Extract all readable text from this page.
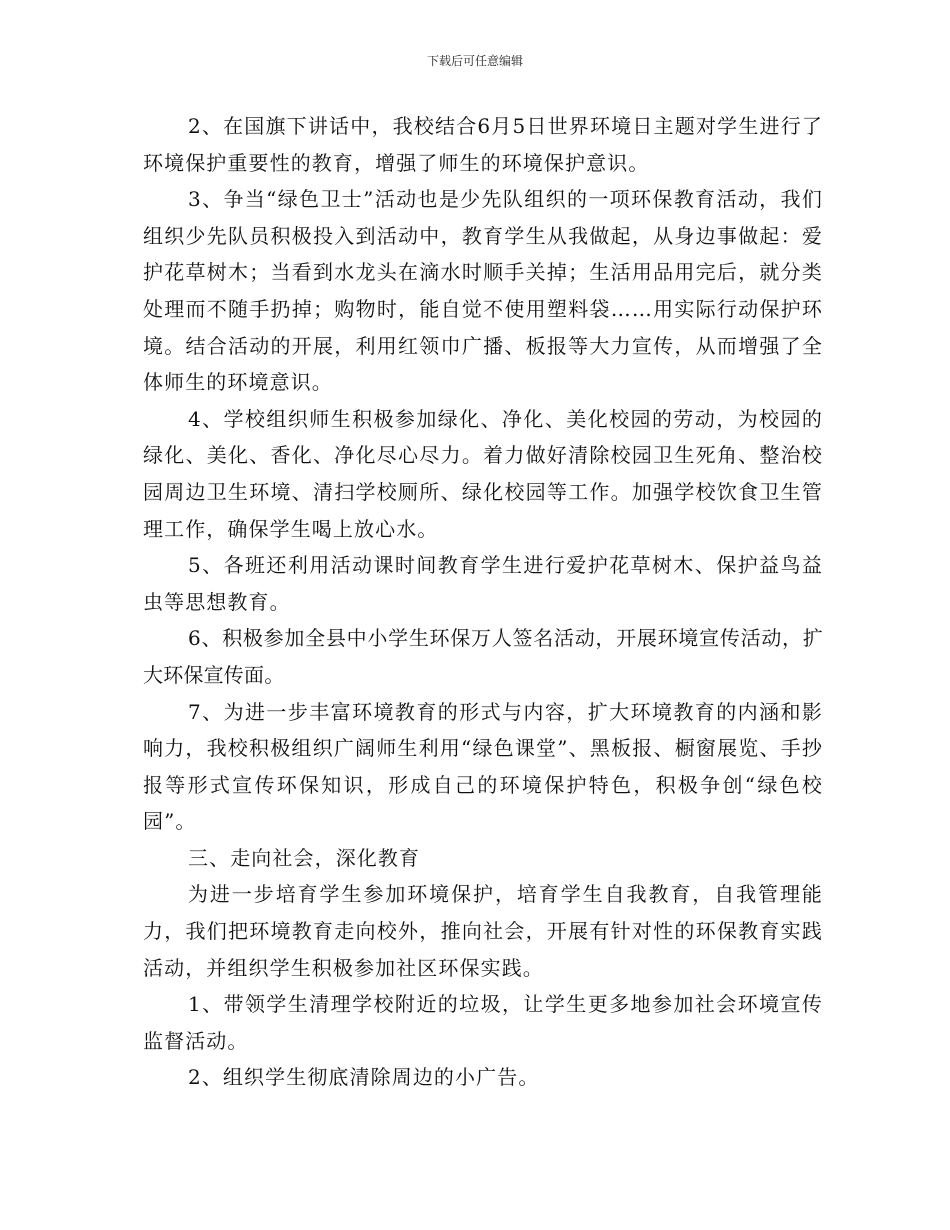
下载后可任意编辑

2、在国旗下讲话中，我校结合6月5日世界环境日主题对学生进行了环境保护重要性的教育，增强了师生的环境保护意识。

3、争当“绿色卫士”活动也是少先队组织的一项环保教育活动，我们组织少先队员积极投入到活动中，教育学生从我做起，从身边事做起：爱护花草树木；当看到水龙头在滴水时顺手关掉；生活用品用完后，就分类处理而不随手扔掉；购物时，能自觉不使用塑料袋……用实际行动保护环境。结合活动的开展，利用红领巾广播、板报等大力宣传，从而增强了全体师生的环境意识。

4、学校组织师生积极参加绿化、净化、美化校园的劳动，为校园的绿化、美化、香化、净化尽心尽力。着力做好清除校园卫生死角、整治校园周边卫生环境、清扫学校厕所、绿化校园等工作。加强学校饮食卫生管理工作，确保学生喝上放心水。

5、各班还利用活动课时间教育学生进行爱护花草树木、保护益鸟益虫等思想教育。

6、积极参加全县中小学生环保万人签名活动，开展环境宣传活动，扩大环保宣传面。

7、为进一步丰富环境教育的形式与内容，扩大环境教育的内涵和影响力，我校积极组织广阔师生利用“绿色课堂”、黑板报、橱窗展览、手抄报等形式宣传环保知识，形成自己的环境保护特色，积极争创“绿色校园”。

三、走向社会，深化教育

为进一步培育学生参加环境保护，培育学生自我教育，自我管理能力，我们把环境教育走向校外，推向社会，开展有针对性的环保教育实践活动，并组织学生积极参加社区环保实践。

1、带领学生清理学校附近的垃圾，让学生更多地参加社会环境宣传监督活动。

2、组织学生彻底清除周边的小广告。
